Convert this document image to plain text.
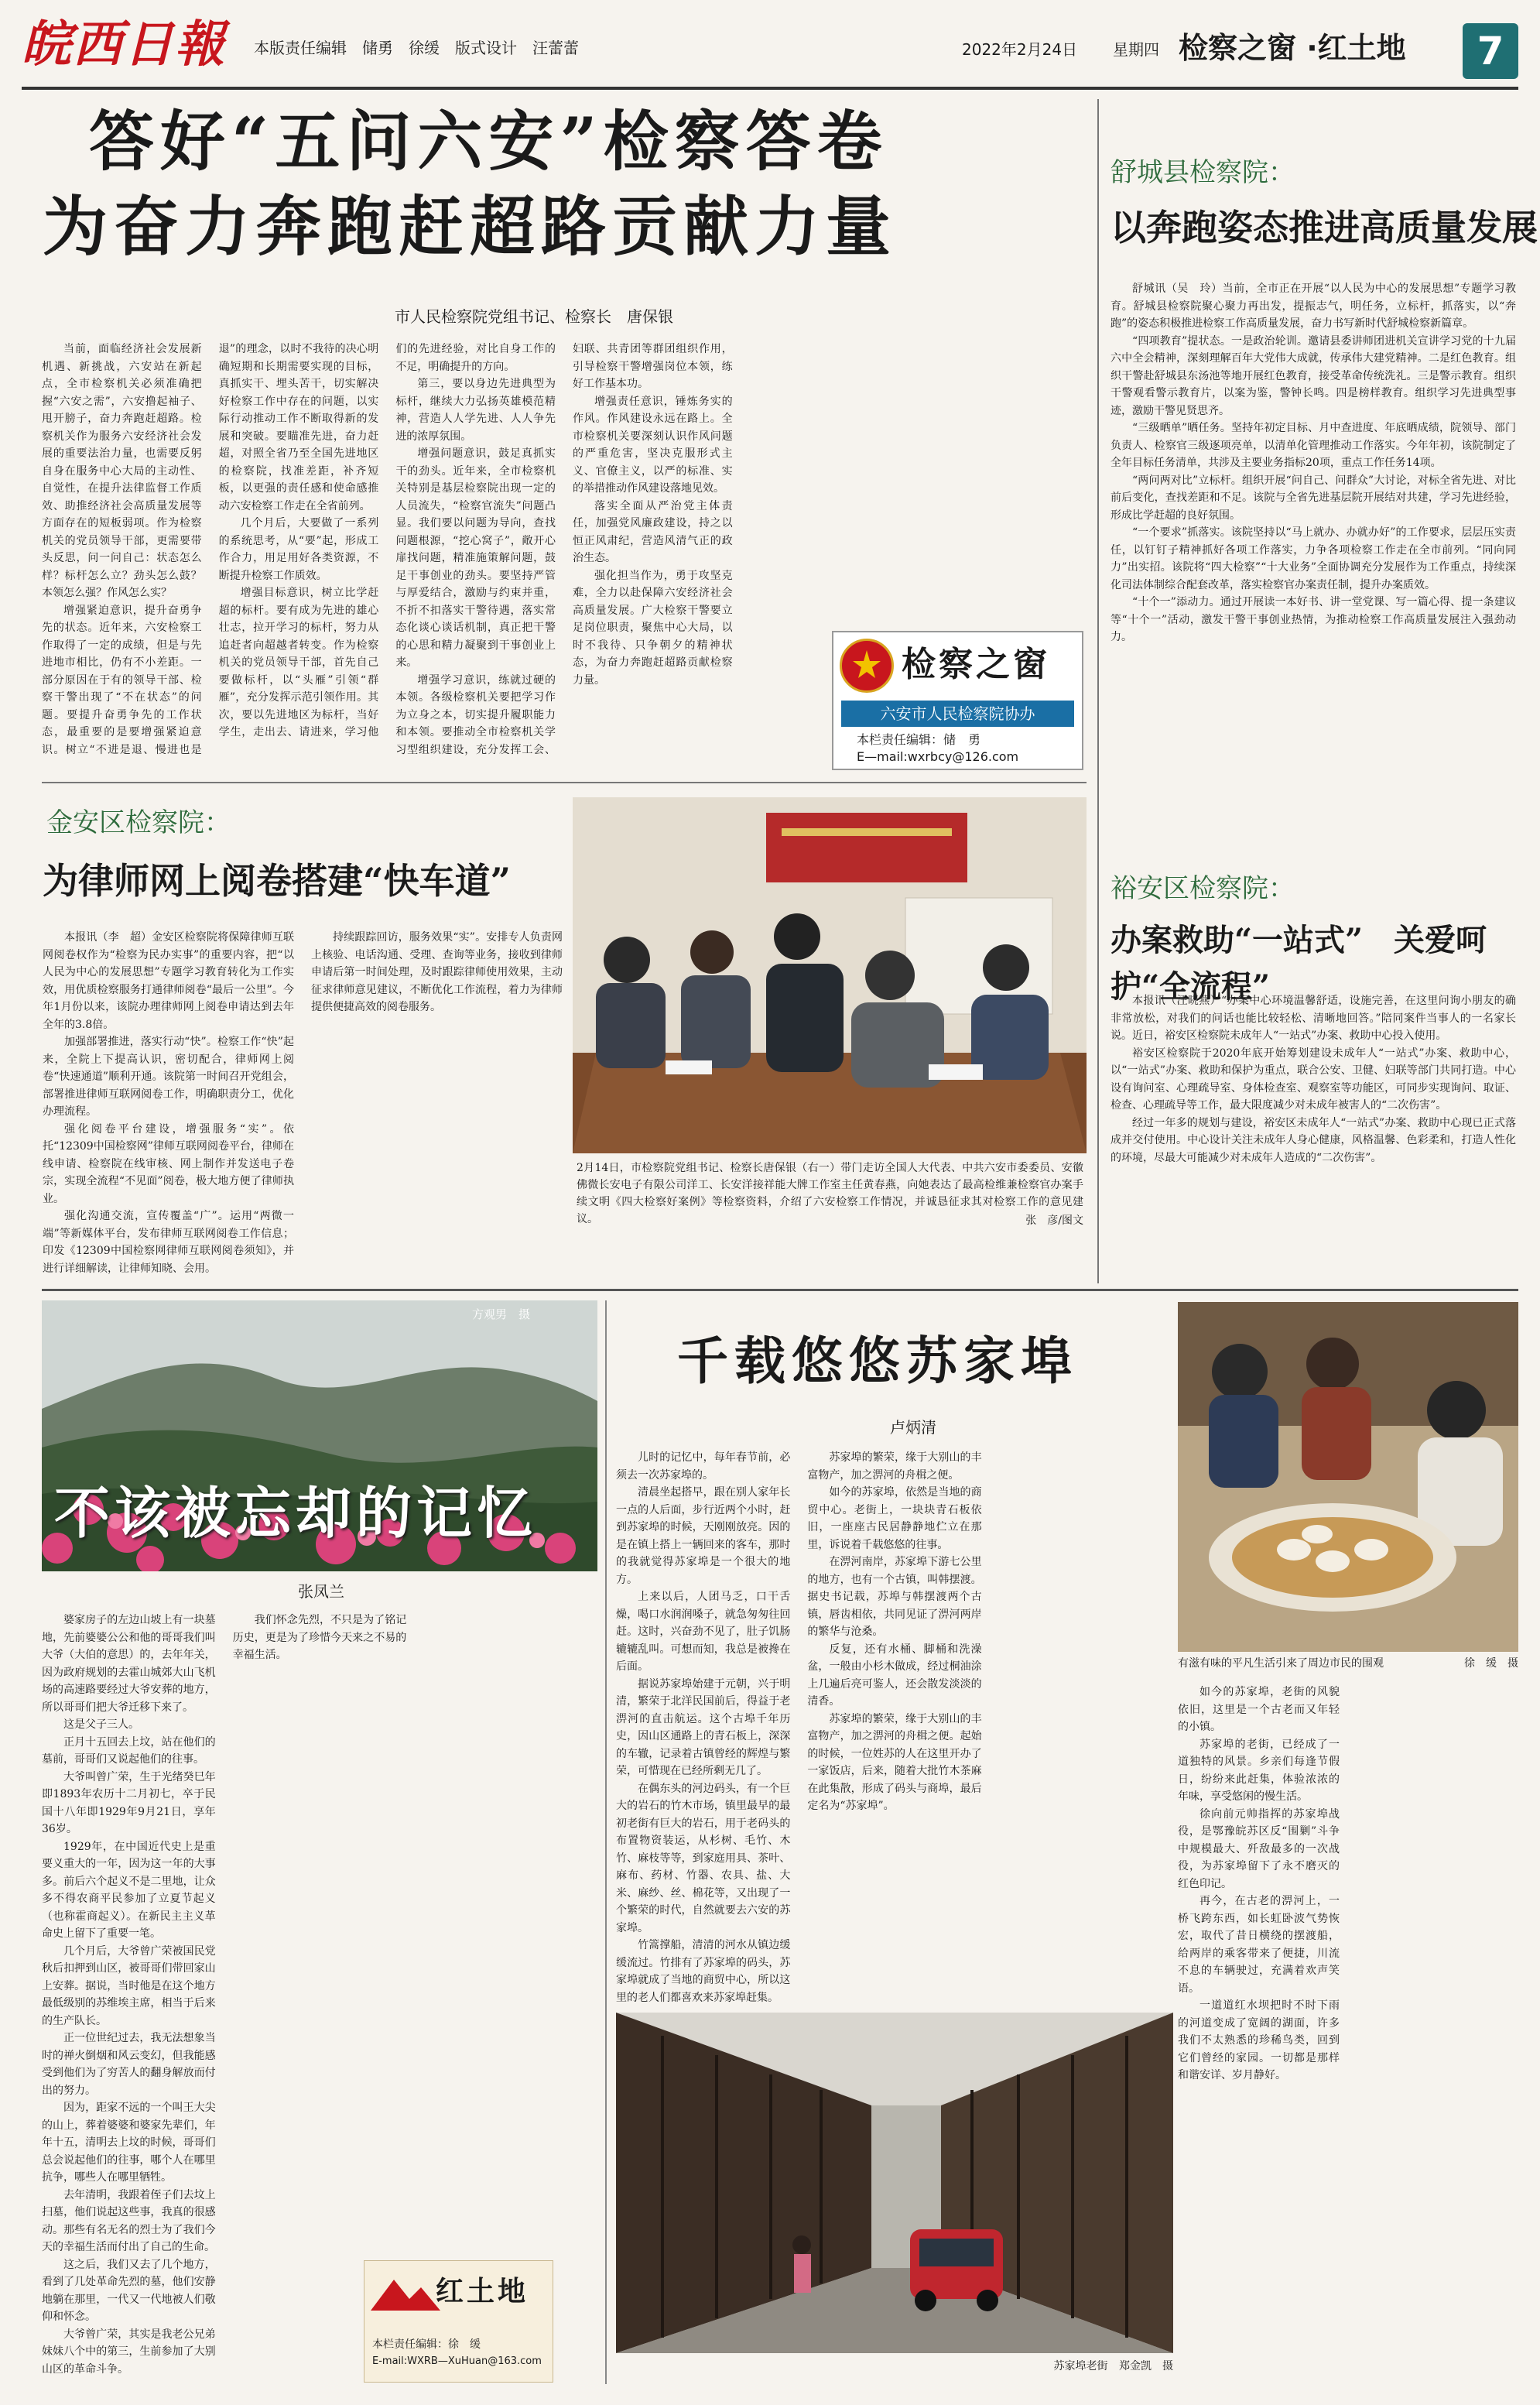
皖西日報 本版责任编辑　储勇　徐缓　版式设计　汪蕾蕾	2022年2月24日 星期四 检察之窗 ·红土地	7
答好“五问六安”检察答卷
为奋力奔跑赶超路贡献力量
市人民检察院党组书记、检察长　唐保银

当前，面临经济社会发展新机遇、新挑战，六安站在新起点，全市检察机关必须准确把握“六安之需”，六安撸起袖子、甩开膀子，奋力奔跑赶超路。检察机关作为服务六安经济社会发展的重要法治力量，也需要反躬自身在服务中心大局的主动性、自觉性，在提升法律监督工作质效、助推经济社会高质量发展等方面存在的短板弱项。作为检察机关的党员领导干部，更需要带头反思，问一问自己：状态怎么样？标杆怎么立？劲头怎么鼓？本领怎么强？作风怎么实？

增强紧迫意识，提升奋勇争先的状态。近年来，六安检察工作取得了一定的成绩，但是与先进地市相比，仍有不小差距。一部分原因在于有的领导干部、检察干警出现了“不在状态”的问题。要提升奋勇争先的工作状态，最重要的是要增强紧迫意识。树立“不进是退、慢进也是退”的理念，以时不我待的决心明确短期和长期需要实现的目标，真抓实干、埋头苦干，切实解决好检察工作中存在的问题，以实际行动推动工作不断取得新的发展和突破。要瞄准先进，奋力赶超，对照全省乃至全国先进地区的检察院，找准差距，补齐短板，以更强的责任感和使命感推动六安检察工作走在全省前列。

几个月后，大要做了一系列的系统思考，从“要”起，形成工作合力，用足用好各类资源，不断提升检察工作质效。

增强目标意识，树立比学赶超的标杆。要有成为先进的雄心壮志，拉开学习的标杆，努力从追赶者向超越者转变。作为检察机关的党员领导干部，首先自己要做标杆，以“头雁”引领“群雁”，充分发挥示范引领作用。其次，要以先进地区为标杆，当好学生，走出去、请进来，学习他们的先进经验，对比自身工作的不足，明确提升的方向。

第三，要以身边先进典型为标杆，继续大力弘扬英雄模范精神，营造人人学先进、人人争先进的浓厚氛围。

增强问题意识，鼓足真抓实干的劲头。近年来，全市检察机关特别是基层检察院出现一定的人员流失，“检察官流失”问题凸显。我们要以问题为导向，查找问题根源，“挖心窝子”，敞开心扉找问题，精准施策解问题，鼓足干事创业的劲头。要坚持严管与厚爱结合，激励与约束并重，不折不扣落实干警待遇，落实常态化谈心谈话机制，真正把干警的心思和精力凝聚到干事创业上来。

增强学习意识，练就过硬的本领。各级检察机关要把学习作为立身之本，切实提升履职能力和本领。要推动全市检察机关学习型组织建设，充分发挥工会、妇联、共青团等群团组织作用，引导检察干警增强岗位本领，练好工作基本功。

增强责任意识，锤炼务实的作风。作风建设永远在路上。全市检察机关要深刻认识作风问题的严重危害，坚决克服形式主义、官僚主义，以严的标准、实的举措推动作风建设落地见效。

落实全面从严治党主体责任，加强党风廉政建设，持之以恒正风肃纪，营造风清气正的政治生态。

强化担当作为，勇于攻坚克难，全力以赴保障六安经济社会高质量发展。广大检察干警要立足岗位职责，聚焦中心大局，以时不我待、只争朝夕的精神状态，为奋力奔跑赶超路贡献检察力量。	检察之窗
六安市人民检察院协办
本栏责任编辑：储　勇
E—mail:wxrbcy@126.com
舒城县检察院：
以奔跑姿态推进高质量发展

舒城讯（吴　玲）当前，全市正在开展“以人民为中心的发展思想”专题学习教育。舒城县检察院聚心聚力再出发，提振志气，明任务，立标杆，抓落实，以“奔跑”的姿态积极推进检察工作高质量发展，奋力书写新时代舒城检察新篇章。

“四项教育”提状态。一是政治轮训。邀请县委讲师团进机关宣讲学习党的十九届六中全会精神，深刻理解百年大党伟大成就，传承伟大建党精神。二是红色教育。组织干警赴舒城县东汤池等地开展红色教育，接受革命传统洗礼。三是警示教育。组织干警观看警示教育片，以案为鉴，警钟长鸣。四是榜样教育。组织学习先进典型事迹，激励干警见贤思齐。

“三级晒单”晒任务。坚持年初定目标、月中查进度、年底晒成绩，院领导、部门负责人、检察官三级逐项亮单，以清单化管理推动工作落实。今年年初，该院制定了全年目标任务清单，共涉及主要业务指标20项，重点工作任务14项。

“两问两对比”立标杆。组织开展“问自己、问群众”大讨论，对标全省先进、对比前后变化，查找差距和不足。该院与全省先进基层院开展结对共建，学习先进经验，形成比学赶超的良好氛围。

“一个要求”抓落实。该院坚持以“马上就办、办就办好”的工作要求，层层压实责任，以钉钉子精神抓好各项工作落实，力争各项检察工作走在全市前列。“同向同力”出实招。该院将“四大检察”“十大业务”全面协调充分发展作为工作重点，持续深化司法体制综合配套改革，落实检察官办案责任制，提升办案质效。

“十个一”添动力。通过开展读一本好书、讲一堂党课、写一篇心得、提一条建议等“十个一”活动，激发干警干事创业热情，为推动检察工作高质量发展注入强劲动力。

裕安区检察院：
办案救助“一站式”　关爱呵护“全流程”

本报讯（汪晓燕）“办案中心环境温馨舒适，设施完善，在这里问询小朋友的确非常放松，对我们的问话也能比较轻松、清晰地回答。”陪同案件当事人的一名家长说。近日，裕安区检察院未成年人“一站式”办案、救助中心投入使用。

裕安区检察院于2020年底开始筹划建设未成年人“一站式”办案、救助中心，以“一站式”办案、救助和保护为重点，联合公安、卫健、妇联等部门共同打造。中心设有询问室、心理疏导室、身体检查室、观察室等功能区，可同步实现询问、取证、检查、心理疏导等工作，最大限度减少对未成年被害人的“二次伤害”。

经过一年多的规划与建设，裕安区未成年人“一站式”办案、救助中心现已正式落成并交付使用。中心设计关注未成年人身心健康，风格温馨、色彩柔和，打造人性化的环境，尽最大可能减少对未成年人造成的“二次伤害”。

金安区检察院：
为律师网上阅卷搭建“快车道”

本报讯（李　超）金安区检察院将保障律师互联网阅卷权作为“检察为民办实事”的重要内容，把“以人民为中心的发展思想”专题学习教育转化为工作实效，用优质检察服务打通律师阅卷“最后一公里”。今年1月份以来，该院办理律师网上阅卷申请达到去年全年的3.8倍。

加强部署推进，落实行动“快”。检察工作“快”起来，全院上下提高认识，密切配合，律师网上阅卷“快速通道”顺利开通。该院第一时间召开党组会，部署推进律师互联网阅卷工作，明确职责分工，优化办理流程。

强化阅卷平台建设，增强服务“实”。依托“12309中国检察网”律师互联网阅卷平台，律师在线申请、检察院在线审核、网上制作并发送电子卷宗，实现全流程“不见面”阅卷，极大地方便了律师执业。

强化沟通交流，宣传覆盖“广”。运用“两微一端”等新媒体平台，发布律师互联网阅卷工作信息；印发《12309中国检察网律师互联网阅卷须知》，并进行详细解读，让律师知晓、会用。

持续跟踪回访，服务效果“实”。安排专人负责网上核验、电话沟通、受理、查询等业务，接收到律师申请后第一时间处理，及时跟踪律师使用效果，主动征求律师意见建议，不断优化工作流程，着力为律师提供便捷高效的阅卷服务。

2月14日，市检察院党组书记、检察长唐保银（右一）带门走访全国人大代表、中共六安市委委员、安徽佛微长安电子有限公司洋工、长安洋接祥能大牌工作室主任黄春燕，向她表达了最高检维兼检察官办案手续文明《四大检察好案例》等检察资料，介绍了六安检察工作情况，并诚恳征求其对检察工作的意见建议。	张　彦/图文
方观男　摄
不该被忘却的记忆
张凤兰

婆家房子的左边山坡上有一块墓地，先前婆婆公公和他的哥哥我们叫大爷（大伯的意思）的，去年年关，因为政府规划的去霍山城郊大山飞机场的高速路要经过大爷安葬的地方，所以哥哥们把大爷迁移下来了。

这是父子三人。

正月十五回去上坟，站在他们的墓前，哥哥们又说起他们的往事。

大爷叫曾广荣，生于光绪癸巳年即1893年农历十二月初七，卒于民国十八年即1929年9月21日，享年36岁。

1929年，在中国近代史上是重要义重大的一年，因为这一年的大事多。前后六个起义不是二里地，让众多不得农商平民参加了立夏节起义（也称霍商起义）。在新民主主义革命史上留下了重要一笔。

几个月后，大爷曾广荣被国民党秋后扣押到山区，被哥哥们带回家山上安葬。据说，当时他是在这个地方最低级别的苏维埃主席，相当于后来的生产队长。

正一位世纪过去，我无法想象当时的禅火倒烟和风云变幻，但我能感受到他们为了穷苦人的翻身解放而付出的努力。

因为，距家不远的一个叫王大尖的山上，葬着婆婆和婆家先辈们，年年十五，清明去上坟的时候，哥哥们总会说起他们的往事，哪个人在哪里抗争，哪些人在哪里牺牲。

去年清明，我跟着侄子们去坟上扫墓，他们说起这些事，我真的很感动。那些有名无名的烈士为了我们今天的幸福生活而付出了自己的生命。

这之后，我们又去了几个地方，看到了几处革命先烈的墓，他们安静地躺在那里，一代又一代地被人们敬仰和怀念。

大爷曾广荣，其实是我老公兄弟妹妹八个中的第三，生前参加了大别山区的革命斗争。

我们怀念先烈，不只是为了铭记历史，更是为了珍惜今天来之不易的幸福生活。

红土地
本栏责任编辑：徐　缓
E-mail:WXRB—XuHuan@163.com
千载悠悠苏家埠
卢炳清
有滋有味的平凡生活引来了周边市民的围观	徐　缓　摄

儿时的记忆中，每年春节前，必须去一次苏家埠的。

清晨坐起搭早，跟在别人家年长一点的人后面，步行近两个小时，赶到苏家埠的时候，天刚刚放亮。因的是在镇上搭上一辆回来的客车，那时的我就觉得苏家埠是一个很大的地方。

上来以后，人团马乏，口干舌燥，喝口水润润嗓子，就急匆匆往回赶。这时，兴奋劲不见了，肚子饥肠辘辘乱叫。可想而知，我总是被搀在后面。

据说苏家埠始建于元朝，兴于明清，繁荣于北洋民国前后，得益于老淠河的直击航运。这个古埠千年历史，因山区通路上的青石板上，深深的车辙，记录着古镇曾经的辉煌与繁荣，可惜现在已经所剩无几了。

在偶东头的河边码头，有一个巨大的岩石的竹木市场，镇里最早的最初老街有巨大的岩石，用于老码头的布置物资装运，从杉树、毛竹、木竹、麻枝等等，到家庭用具、茶叶、麻布、药材、竹器、农具、盐、大米、麻纱、丝、棉花等，又出现了一个繁荣的时代，自然就要去六安的苏家埠。

竹篙撑船，清清的河水从镇边缓缓流过。竹排有了苏家埠的码头，苏家埠就成了当地的商贸中心，所以这里的老人们都喜欢来苏家埠赶集。

苏家埠的繁荣，缘于大别山的丰富物产，加之淠河的舟楫之便。

如今的苏家埠，依然是当地的商贸中心。老街上，一块块青石板依旧，一座座古民居静静地伫立在那里，诉说着千载悠悠的往事。

在淠河南岸，苏家埠下游七公里的地方，也有一个古镇，叫韩摆渡。据史书记载，苏埠与韩摆渡两个古镇，唇齿相依，共同见证了淠河两岸的繁华与沧桑。

反复，还有水桶、脚桶和洗澡盆，一般由小杉木做成，经过桐油涂上几遍后亮可鉴人，还会散发淡淡的清香。

苏家埠的繁荣，缘于大别山的丰富物产，加之淠河的舟楫之便。起始的时候，一位姓苏的人在这里开办了一家饭店，后来，随着大批竹木茶麻在此集散，形成了码头与商埠，最后定名为“苏家埠”。

如今的苏家埠，老街的风貌依旧，这里是一个古老而又年轻的小镇。

苏家埠的老街，已经成了一道独特的风景。乡亲们每逢节假日，纷纷来此赶集，体验浓浓的年味，享受悠闲的慢生活。

徐向前元帅指挥的苏家埠战役，是鄂豫皖苏区反“围剿”斗争中规模最大、歼敌最多的一次战役，为苏家埠留下了永不磨灭的红色印记。

再今，在古老的淠河上，一桥飞跨东西，如长虹卧波气势恢宏，取代了昔日横绕的摆渡船，给两岸的乘客带来了便捷，川流不息的车辆驶过，充满着欢声笑语。

一道道红水坝把时不时下雨的河道变成了宽阔的湖面，许多我们不太熟悉的珍稀鸟类，回到它们曾经的家园。一切都是那样和谐安详、岁月静好。

苏家埠老街 郑金凯　摄
